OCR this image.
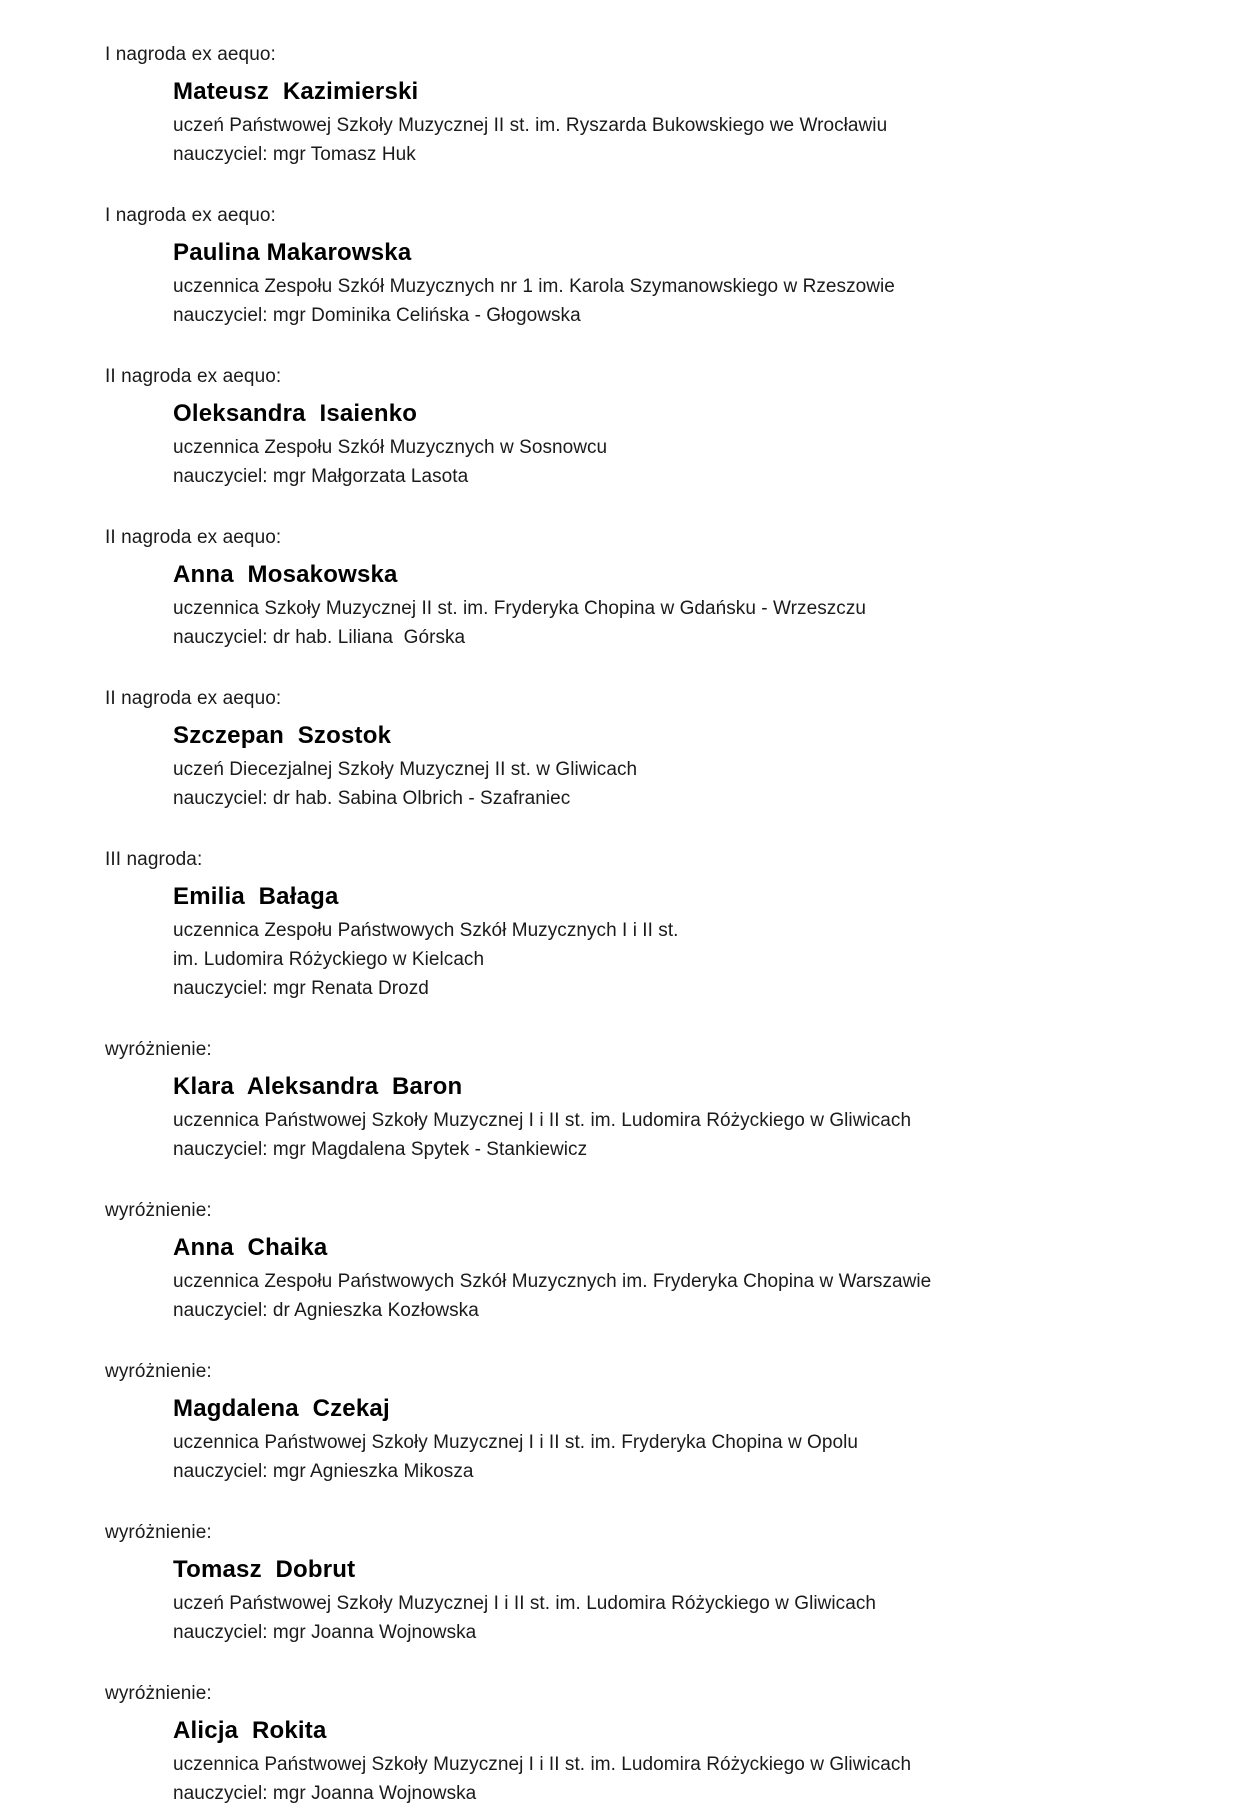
I nagroda ex aequo:
Mateusz  Kazimierski
uczeń Państwowej Szkoły Muzycznej II st. im. Ryszarda Bukowskiego we Wrocławiu
nauczyciel: mgr Tomasz Huk
I nagroda ex aequo:
Paulina Makarowska
uczennica Zespołu Szkół Muzycznych nr 1 im. Karola Szymanowskiego w Rzeszowie
nauczyciel: mgr Dominika Celińska - Głogowska
II nagroda ex aequo:
Oleksandra  Isaienko
uczennica Zespołu Szkół Muzycznych w Sosnowcu
nauczyciel: mgr Małgorzata Lasota
II nagroda ex aequo:
Anna  Mosakowska
uczennica Szkoły Muzycznej II st. im. Fryderyka Chopina w Gdańsku - Wrzeszczu
nauczyciel: dr hab. Liliana  Górska
II nagroda ex aequo:
Szczepan  Szostok
uczeń Diecezjalnej Szkoły Muzycznej II st. w Gliwicach
nauczyciel: dr hab. Sabina Olbrich - Szafraniec
III nagroda:
Emilia  Bałaga
uczennica Zespołu Państwowych Szkół Muzycznych I i II st.
im. Ludomira Różyckiego w Kielcach
nauczyciel: mgr Renata Drozd
wyróżnienie:
Klara  Aleksandra  Baron
uczennica Państwowej Szkoły Muzycznej I i II st. im. Ludomira Różyckiego w Gliwicach
nauczyciel: mgr Magdalena Spytek - Stankiewicz
wyróżnienie:
Anna  Chaika
uczennica Zespołu Państwowych Szkół Muzycznych im. Fryderyka Chopina w Warszawie
nauczyciel: dr Agnieszka Kozłowska
wyróżnienie:
Magdalena  Czekaj
uczennica Państwowej Szkoły Muzycznej I i II st. im. Fryderyka Chopina w Opolu
nauczyciel: mgr Agnieszka Mikosza
wyróżnienie:
Tomasz  Dobrut
uczeń Państwowej Szkoły Muzycznej I i II st. im. Ludomira Różyckiego w Gliwicach
nauczyciel: mgr Joanna Wojnowska
wyróżnienie:
Alicja  Rokita
uczennica Państwowej Szkoły Muzycznej I i II st. im. Ludomira Różyckiego w Gliwicach
nauczyciel: mgr Joanna Wojnowska
